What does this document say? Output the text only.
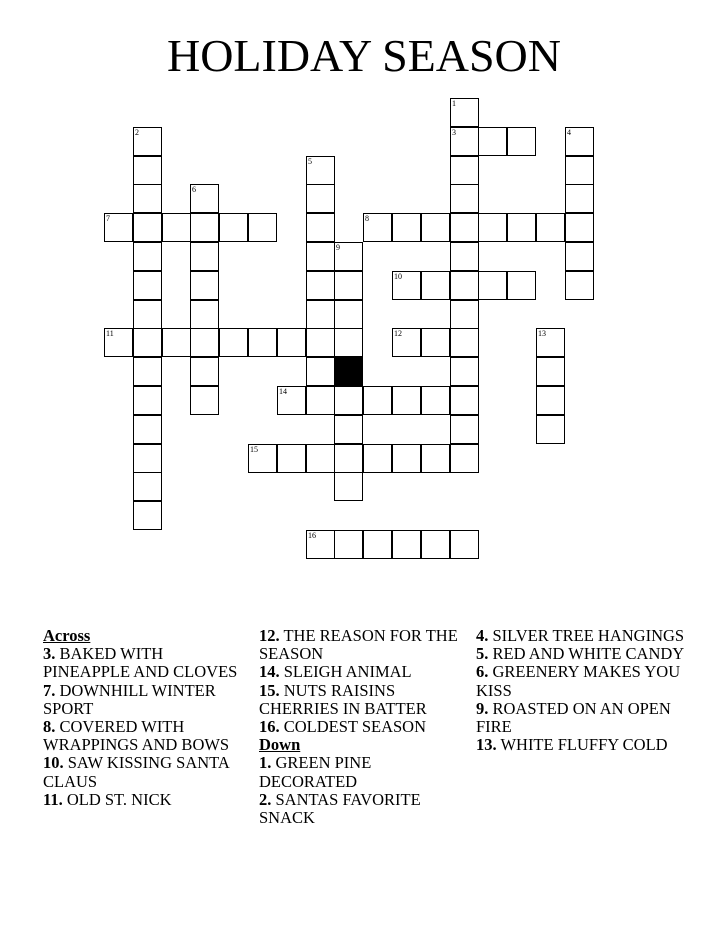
HOLIDAY SEASON
1
2	3	4
5
6
7	8
9
10
11	12	13
14
15
16
Across
3. BAKED WITH PINEAPPLE AND CLOVES
7. DOWNHILL WINTER SPORT
8. COVERED WITH WRAPPINGS AND BOWS
10. SAW KISSING SANTA CLAUS
11. OLD ST. NICK
12. THE REASON FOR THE SEASON
14. SLEIGH ANIMAL
15. NUTS RAISINS CHERRIES IN BATTER
16. COLDEST SEASON
Down
1. GREEN PINE DECORATED
2. SANTAS FAVORITE SNACK
4. SILVER TREE HANGINGS
5. RED AND WHITE CANDY
6. GREENERY MAKES YOU KISS
9. ROASTED ON AN OPEN FIRE
13. WHITE FLUFFY COLD
